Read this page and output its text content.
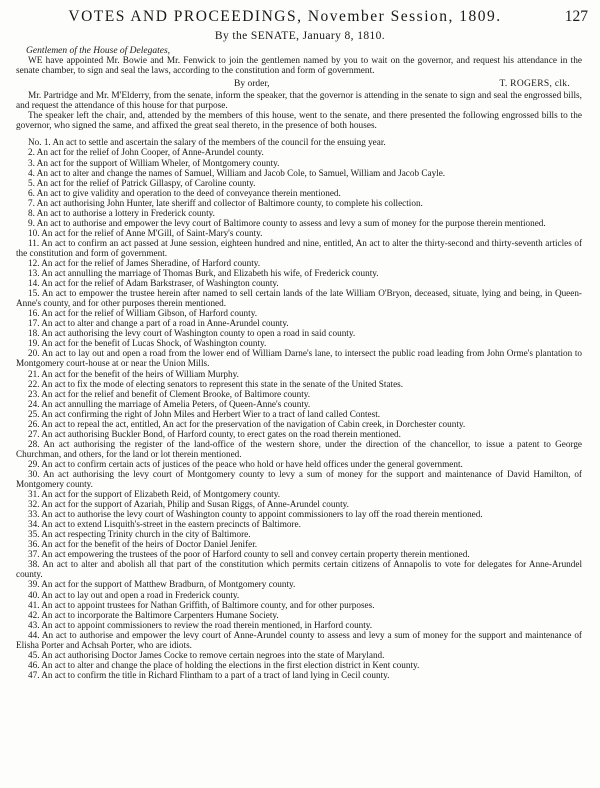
VOTES AND PROCEEDINGS, November Session, 1809.	127
By the SENATE, January 8, 1810.

Gentlemen of the House of Delegates,

WE have appointed Mr. Bowie and Mr. Fenwick to join the gentlemen named by you to wait on the governor, and request his attendance in the senate chamber, to sign and seal the laws, according to the constitution and form of government.

By order,	T. ROGERS, clk.

Mr. Partridge and Mr. M'Elderry, from the senate, inform the speaker, that the governor is attending in the senate to sign and seal the engrossed bills, and request the attendance of this house for that purpose.

The speaker left the chair, and, attended by the members of this house, went to the senate, and there presented the following engrossed bills to the governor, who signed the same, and affixed the great seal thereto, in the presence of both houses.

No. 1. An act to settle and ascertain the salary of the members of the council for the ensuing year.

2. An act for the relief of John Cooper, of Anne-Arundel county.

3. An act for the support of William Wheler, of Montgomery county.

4. An act to alter and change the names of Samuel, William and Jacob Cole, to Samuel, William and Jacob Cayle.

5. An act for the relief of Patrick Gillaspy, of Caroline county.

6. An act to give validity and operation to the deed of conveyance therein mentioned.

7. An act authorising John Hunter, late sheriff and collector of Baltimore county, to complete his collection.

8. An act to authorise a lottery in Frederick county.

9. An act to authorise and empower the levy court of Baltimore county to assess and levy a sum of money for the purpose therein mentioned.

10. An act for the relief of Anne M'Gill, of Saint-Mary's county.

11. An act to confirm an act passed at June session, eighteen hundred and nine, entitled, An act to alter the thirty-second and thirty-seventh articles of the constitution and form of government.

12. An act for the relief of James Sheradine, of Harford county.

13. An act annulling the marriage of Thomas Burk, and Elizabeth his wife, of Frederick county.

14. An act for the relief of Adam Barkstraser, of Washington county.

15. An act to empower the trustee herein after named to sell certain lands of the late William O'Bryon, deceased, situate, lying and being, in Queen-Anne's county, and for other purposes therein mentioned.

16. An act for the relief of William Gibson, of Harford county.

17. An act to alter and change a part of a road in Anne-Arundel county.

18. An act authorising the levy court of Washington county to open a road in said county.

19. An act for the benefit of Lucas Shock, of Washington county.

20. An act to lay out and open a road from the lower end of William Darne's lane, to intersect the public road leading from John Orme's plantation to Montgomery court-house at or near the Union Mills.

21. An act for the benefit of the heirs of William Murphy.

22. An act to fix the mode of electing senators to represent this state in the senate of the United States.

23. An act for the relief and benefit of Clement Brooke, of Baltimore county.

24. An act annulling the marriage of Amelia Peters, of Queen-Anne's county.

25. An act confirming the right of John Miles and Herbert Wier to a tract of land called Contest.

26. An act to repeal the act, entitled, An act for the preservation of the navigation of Cabin creek, in Dorchester county.

27. An act authorising Buckler Bond, of Harford county, to erect gates on the road therein mentioned.

28. An act authorising the register of the land-office of the western shore, under the direction of the chancellor, to issue a patent to George Churchman, and others, for the land or lot therein mentioned.

29. An act to confirm certain acts of justices of the peace who hold or have held offices under the general government.

30. An act authorising the levy court of Montgomery county to levy a sum of money for the support and maintenance of David Hamilton, of Montgomery county.

31. An act for the support of Elizabeth Reid, of Montgomery county.

32. An act for the support of Azariah, Philip and Susan Riggs, of Anne-Arundel county.

33. An act to authorise the levy court of Washington county to appoint commissioners to lay off the road therein mentioned.

34. An act to extend Lisquith's-street in the eastern precincts of Baltimore.

35. An act respecting Trinity church in the city of Baltimore.

36. An act for the benefit of the heirs of Doctor Daniel Jenifer.

37. An act empowering the trustees of the poor of Harford county to sell and convey certain property therein mentioned.

38. An act to alter and abolish all that part of the constitution which permits certain citizens of Annapolis to vote for delegates for Anne-Arundel county.

39. An act for the support of Matthew Bradburn, of Montgomery county.

40. An act to lay out and open a road in Frederick county.

41. An act to appoint trustees for Nathan Griffith, of Baltimore county, and for other purposes.

42. An act to incorporate the Baltimore Carpenters Humane Society.

43. An act to appoint commissioners to review the road therein mentioned, in Harford county.

44. An act to authorise and empower the levy court of Anne-Arundel county to assess and levy a sum of money for the support and maintenance of Elisha Porter and Achsah Porter, who are idiots.

45. An act authorising Doctor James Cocke to remove certain negroes into the state of Maryland.

46. An act to alter and change the place of holding the elections in the first election district in Kent county.

47. An act to confirm the title in Richard Flintham to a part of a tract of land lying in Cecil county.
